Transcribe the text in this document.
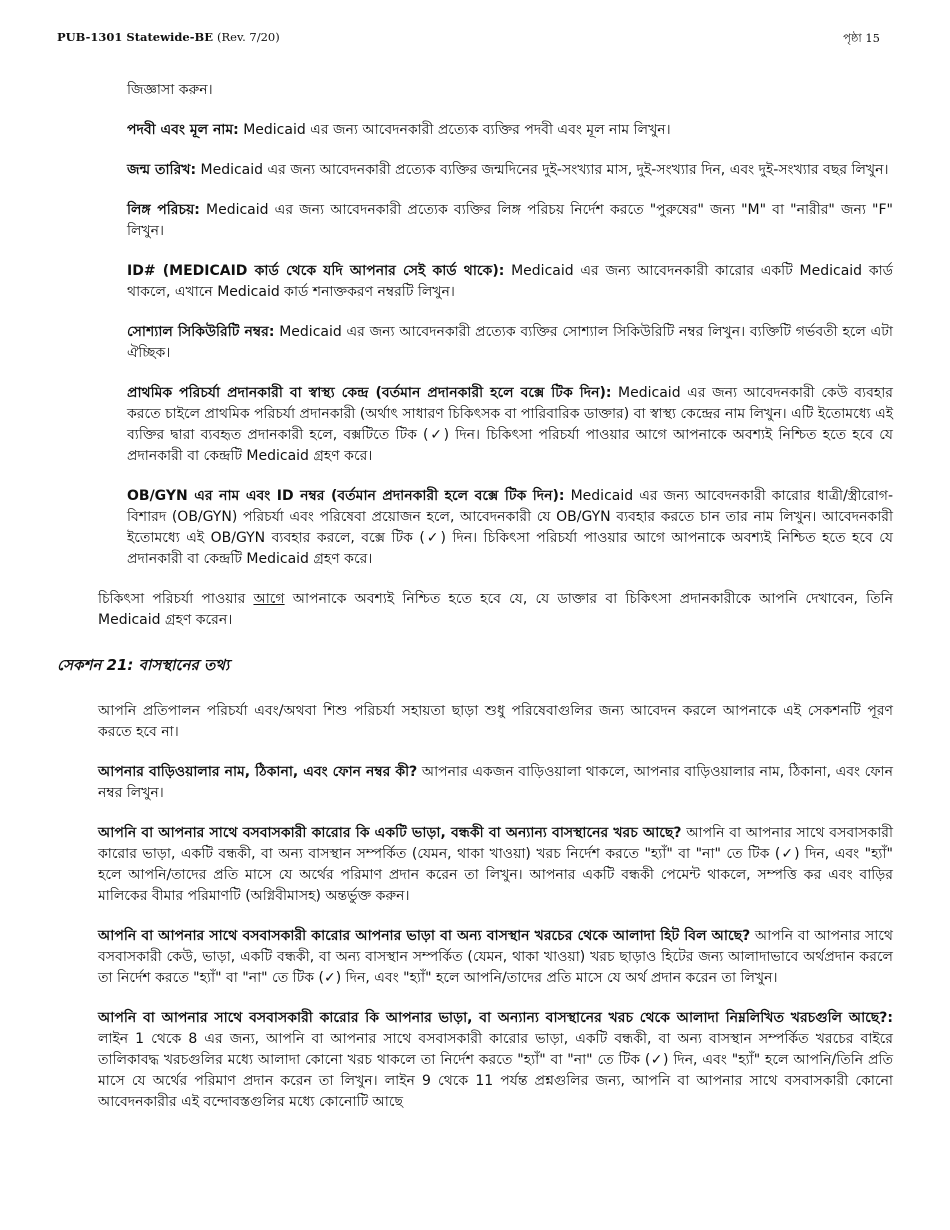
PUB-1301 Statewide-BE (Rev. 7/20)	পৃষ্ঠা 15

জিজ্ঞাসা করুন।

পদবী এবং মূল নাম: Medicaid এর জন্য আবেদনকারী প্রত্যেক ব্যক্তির পদবী এবং মূল নাম লিখুন।

জন্ম তারিখ: Medicaid এর জন্য আবেদনকারী প্রত্যেক ব্যক্তির জন্মদিনের দুই-সংখ্যার মাস, দুই-সংখ্যার দিন, এবং দুই-সংখ্যার বছর লিখুন।

লিঙ্গ পরিচয়: Medicaid এর জন্য আবেদনকারী প্রত্যেক ব্যক্তির লিঙ্গ পরিচয় নির্দেশ করতে "পুরুষের" জন্য "M" বা "নারীর" জন্য "F" লিখুন।

ID# (MEDICAID কার্ড থেকে যদি আপনার সেই কার্ড থাকে): Medicaid এর জন্য আবেদনকারী কারোর একটি Medicaid কার্ড থাকলে, এখানে Medicaid কার্ড শনাক্তকরণ নম্বরটি লিখুন।

সোশ্যাল সিকিউরিটি নম্বর: Medicaid এর জন্য আবেদনকারী প্রত্যেক ব্যক্তির সোশ্যাল সিকিউরিটি নম্বর লিখুন। ব্যক্তিটি গর্ভবতী হলে এটা ঐচ্ছিক।

প্রাথমিক পরিচর্যা প্রদানকারী বা স্বাস্থ্য কেন্দ্র (বর্তমান প্রদানকারী হলে বক্সে টিক দিন): Medicaid এর জন্য আবেদনকারী কেউ ব্যবহার করতে চাইলে প্রাথমিক পরিচর্যা প্রদানকারী (অর্থাৎ সাধারণ চিকিৎসক বা পারিবারিক ডাক্তার) বা স্বাস্থ্য কেন্দ্রের নাম লিখুন। এটি ইতোমধ্যে এই ব্যক্তির দ্বারা ব্যবহৃত প্রদানকারী হলে, বক্সটিতে টিক (✓) দিন। চিকিৎসা পরিচর্যা পাওয়ার আগে আপনাকে অবশ্যই নিশ্চিত হতে হবে যে প্রদানকারী বা কেন্দ্রটি Medicaid গ্রহণ করে।

OB/GYN এর নাম এবং ID নম্বর (বর্তমান প্রদানকারী হলে বক্সে টিক দিন): Medicaid এর জন্য আবেদনকারী কারোর ধাত্রী/স্ত্রীরোগ-বিশারদ (OB/GYN) পরিচর্যা এবং পরিষেবা প্রয়োজন হলে, আবেদনকারী যে OB/GYN ব্যবহার করতে চান তার নাম লিখুন। আবেদনকারী ইতোমধ্যে এই OB/GYN ব্যবহার করলে, বক্সে টিক (✓) দিন। চিকিৎসা পরিচর্যা পাওয়ার আগে আপনাকে অবশ্যই নিশ্চিত হতে হবে যে প্রদানকারী বা কেন্দ্রটি Medicaid গ্রহণ করে।

চিকিৎসা পরিচর্যা পাওয়ার আগে আপনাকে অবশ্যই নিশ্চিত হতে হবে যে, যে ডাক্তার বা চিকিৎসা প্রদানকারীকে আপনি দেখাবেন, তিনি Medicaid গ্রহণ করেন।

সেকশন 21: বাসস্থানের তথ্য

আপনি প্রতিপালন পরিচর্যা এবং/অথবা শিশু পরিচর্যা সহায়তা ছাড়া শুধু পরিষেবাগুলির জন্য আবেদন করলে আপনাকে এই সেকশনটি পূরণ করতে হবে না।

আপনার বাড়িওয়ালার নাম, ঠিকানা, এবং ফোন নম্বর কী? আপনার একজন বাড়িওয়ালা থাকলে, আপনার বাড়িওয়ালার নাম, ঠিকানা, এবং ফোন নম্বর লিখুন।

আপনি বা আপনার সাথে বসবাসকারী কারোর কি একটি ভাড়া, বন্ধকী বা অন্যান্য বাসস্থানের খরচ আছে? আপনি বা আপনার সাথে বসবাসকারী কারোর ভাড়া, একটি বন্ধকী, বা অন্য বাসস্থান সম্পর্কিত (যেমন, থাকা খাওয়া) খরচ নির্দেশ করতে "হ্যাঁ" বা "না" তে টিক (✓) দিন, এবং "হ্যাঁ" হলে আপনি/তাদের প্রতি মাসে যে অর্থের পরিমাণ প্রদান করেন তা লিখুন। আপনার একটি বন্ধকী পেমেন্ট থাকলে, সম্পত্তি কর এবং বাড়ির মালিকের বীমার পরিমাণটি (অগ্নিবীমাসহ) অন্তর্ভুক্ত করুন।

আপনি বা আপনার সাথে বসবাসকারী কারোর আপনার ভাড়া বা অন্য বাসস্থান খরচের থেকে আলাদা হিট বিল আছে? আপনি বা আপনার সাথে বসবাসকারী কেউ, ভাড়া, একটি বন্ধকী, বা অন্য বাসস্থান সম্পর্কিত (যেমন, থাকা খাওয়া) খরচ ছাড়াও হিটের জন্য আলাদাভাবে অর্থপ্রদান করলে তা নির্দেশ করতে "হ্যাঁ" বা "না" তে টিক (✓) দিন, এবং "হ্যাঁ" হলে আপনি/তাদের প্রতি মাসে যে অর্থ প্রদান করেন তা লিখুন।

আপনি বা আপনার সাথে বসবাসকারী কারোর কি আপনার ভাড়া, বা অন্যান্য বাসস্থানের খরচ থেকে আলাদা নিম্নলিখিত খরচগুলি আছে?: লাইন 1 থেকে 8 এর জন্য, আপনি বা আপনার সাথে বসবাসকারী কারোর ভাড়া, একটি বন্ধকী, বা অন্য বাসস্থান সম্পর্কিত খরচের বাইরে তালিকাবদ্ধ খরচগুলির মধ্যে আলাদা কোনো খরচ থাকলে তা নির্দেশ করতে "হ্যাঁ" বা "না" তে টিক (✓) দিন, এবং "হ্যাঁ" হলে আপনি/তিনি প্রতি মাসে যে অর্থের পরিমাণ প্রদান করেন তা লিখুন। লাইন 9 থেকে 11 পর্যন্ত প্রশ্নগুলির জন্য, আপনি বা আপনার সাথে বসবাসকারী কোনো আবেদনকারীর এই বন্দোবস্তগুলির মধ্যে কোনোটি আছে
